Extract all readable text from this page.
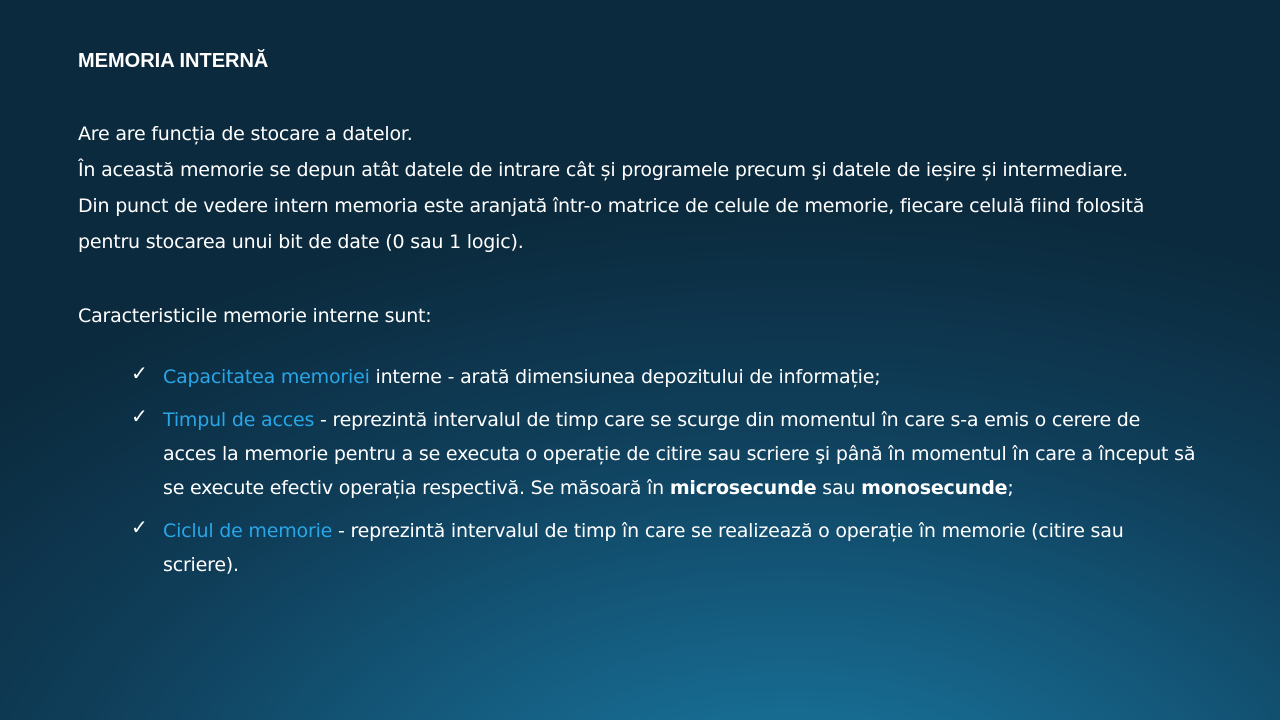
MEMORIA INTERNĂ

Are are funcția de stocare a datelor.

În această memorie se depun atât datele de intrare cât și programele precum şi datele de ieșire și intermediare.

Din punct de vedere intern memoria este aranjată într-o matrice de celule de memorie, fiecare celulă fiind folosită pentru stocarea unui bit de date (0 sau 1 logic).

Caracteristicile memorie interne sunt:

✓ Capacitatea memoriei interne - arată dimensiunea depozitului de informație;
✓ Timpul de acces - reprezintă intervalul de timp care se scurge din momentul în care s-a emis o cerere de acces la memorie pentru a se executa o operație de citire sau scriere şi până în momentul în care a început să se execute efectiv operația respectivă. Se măsoară în microsecunde sau monosecunde;
✓ Ciclul de memorie - reprezintă intervalul de timp în care se realizează o operație în memorie (citire sau scriere).
